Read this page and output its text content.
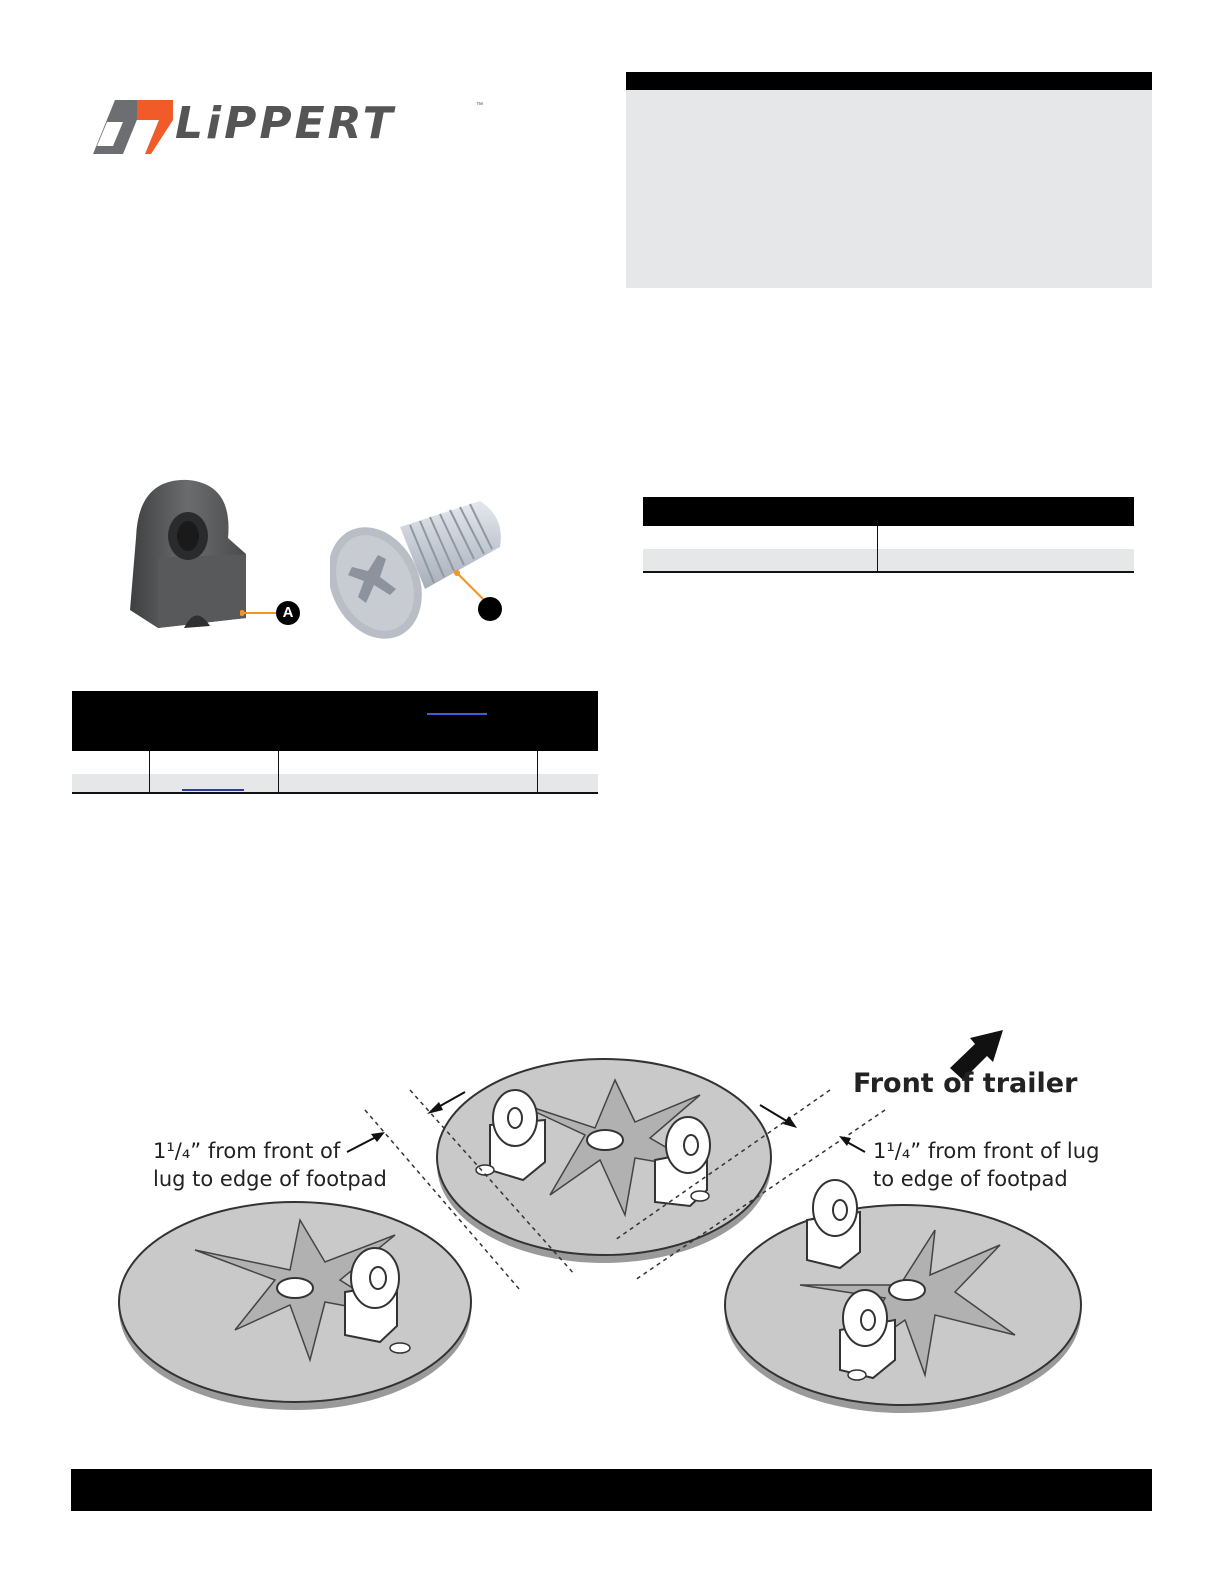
LiPPERT	™
A
Front of trailer
1¹/₄” from front of
lug to edge of footpad
1¹/₄” from front of lug
to edge of footpad
